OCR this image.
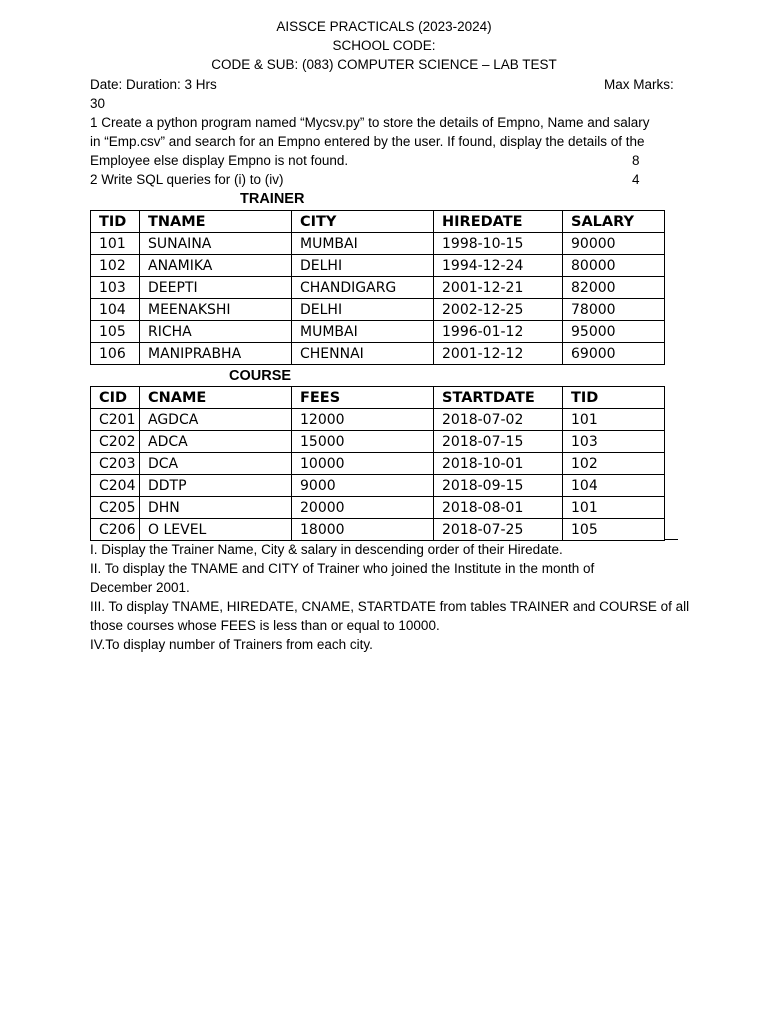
AISSCE PRACTICALS (2023-2024)
SCHOOL CODE:
CODE & SUB: (083) COMPUTER SCIENCE – LAB TEST
Date: Duration: 3 Hrs	Max Marks:
30
1 Create a python program named “Mycsv.py” to store the details of Empno, Name and salary
in “Emp.csv” and search for an Empno entered by the user. If found, display the details of the
Employee else display Empno is not found.	8
2 Write SQL queries for (i) to (iv)	4
TRAINER
TID	TNAME	CITY	HIREDATE	SALARY
101	SUNAINA	MUMBAI	1998-10-15	90000
102	ANAMIKA	DELHI	1994-12-24	80000
103	DEEPTI	CHANDIGARG	2001-12-21	82000
104	MEENAKSHI	DELHI	2002-12-25	78000
105	RICHA	MUMBAI	1996-01-12	95000
106	MANIPRABHA	CHENNAI	2001-12-12	69000
COURSE
CID	CNAME	FEES	STARTDATE	TID
C201	AGDCA	12000	2018-07-02	101
C202	ADCA	15000	2018-07-15	103
C203	DCA	10000	2018-10-01	102
C204	DDTP	9000	2018-09-15	104
C205	DHN	20000	2018-08-01	101
C206	O LEVEL	18000	2018-07-25	105
I. Display the Trainer Name, City & salary in descending order of their Hiredate.
II. To display the TNAME and CITY of Trainer who joined the Institute in the month of
December 2001.
III. To display TNAME, HIREDATE, CNAME, STARTDATE from tables TRAINER and COURSE of all
those courses whose FEES is less than or equal to 10000.
IV.To display number of Trainers from each city.
